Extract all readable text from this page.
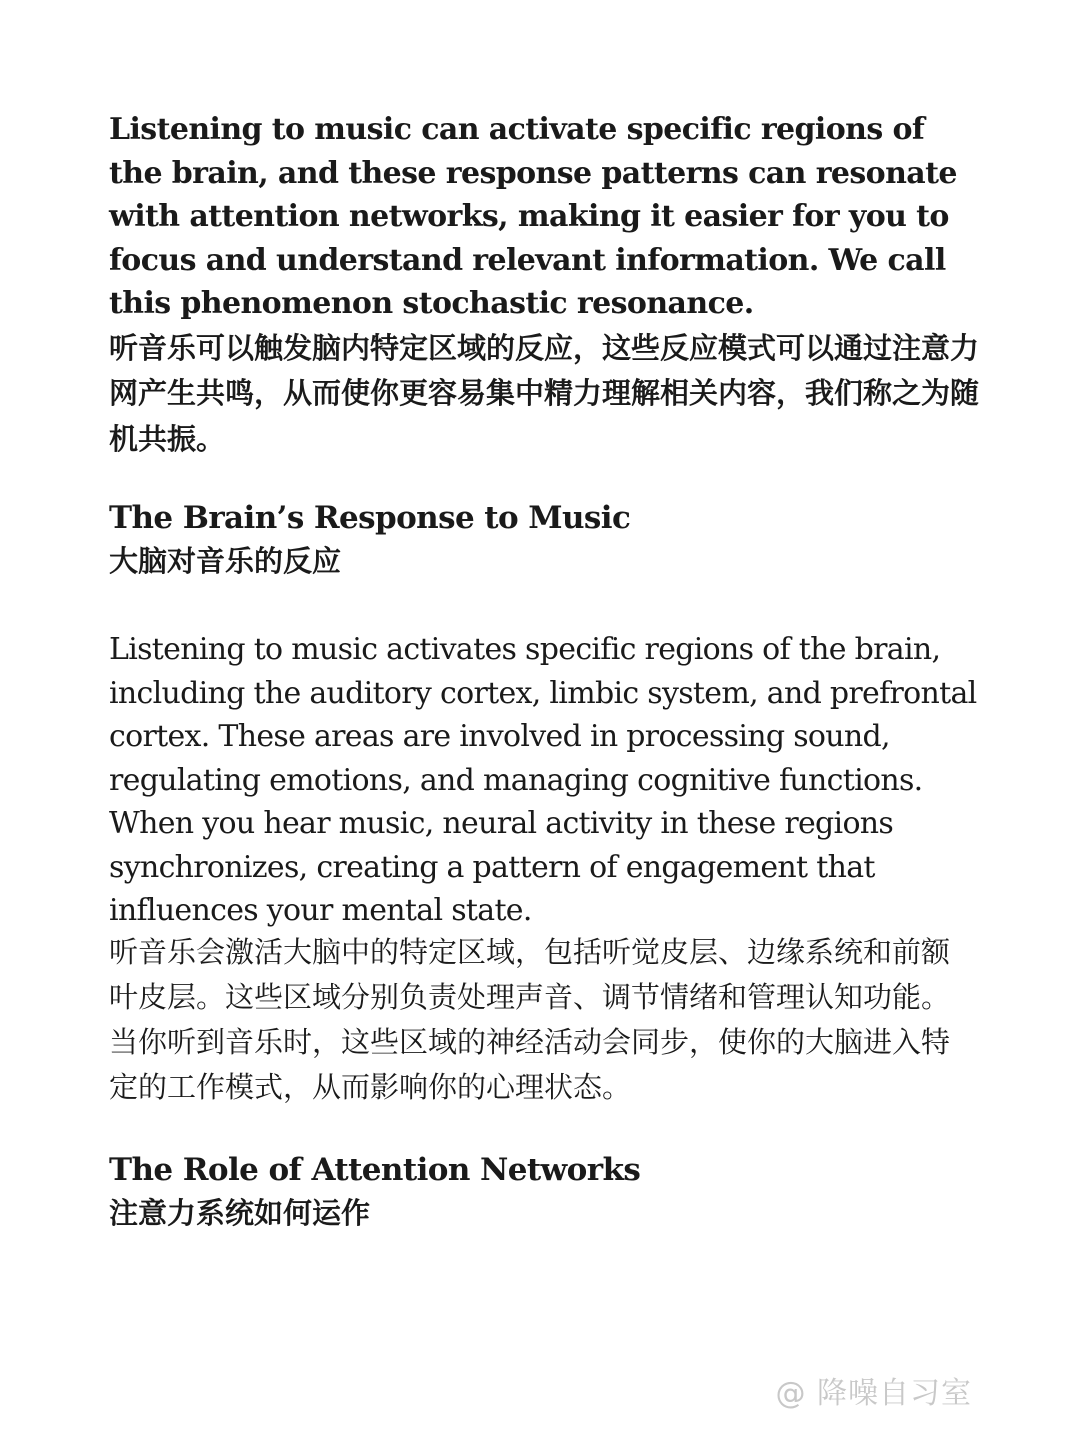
Listening to music can activate specific regions of the brain, and these response patterns can resonate with attention networks, making it easier for you to focus and understand relevant information. We call this phenomenon stochastic resonance.

听音乐可以触发脑内特定区域的反应，这些反应模式可以通过注意力网产生共鸣，从而使你更容易集中精力理解相关内容，我们称之为随机共振。

The Brain’s Response to Music
大脑对音乐的反应

Listening to music activates specific regions of the brain, including the auditory cortex, limbic system, and prefrontal cortex. These areas are involved in processing sound, regulating emotions, and managing cognitive functions. When you hear music, neural activity in these regions synchronizes, creating a pattern of engagement that influences your mental state.

听音乐会激活大脑中的特定区域，包括听觉皮层、边缘系统和前额叶皮层。这些区域分别负责处理声音、调节情绪和管理认知功能。当你听到音乐时，这些区域的神经活动会同步，使你的大脑进入特定的工作模式，从而影响你的心理状态。

The Role of Attention Networks
注意力系统如何运作
@ 降噪自习室
